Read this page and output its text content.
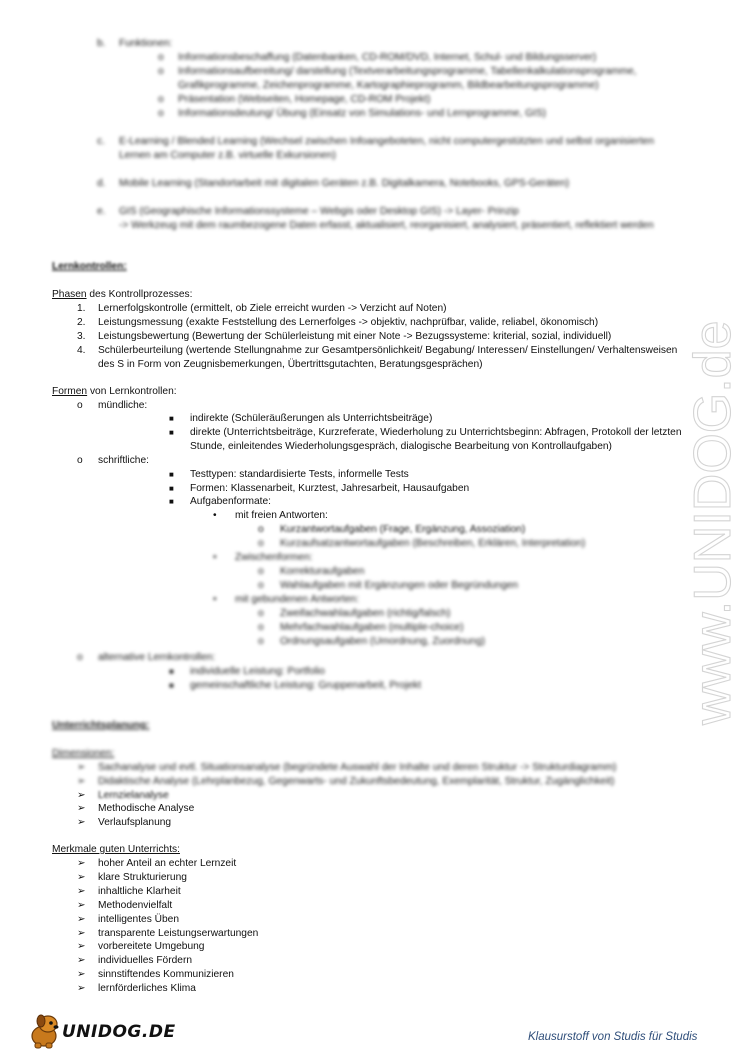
b. Funktionen:
o Informationsbeschaffung (Datenbanken, CD-ROM/DVD, Internet, Schul- und Bildungsserver)
o Informationsaufbereitung/ darstellung (Textverarbeitungsprogramme, Tabellenkalkulationsprogramme,
Grafikprogramme, Zeichenprogramme, Kartographieprogramm, Bildbearbeitungsprogramme)
o Präsentation (Webseiten, Homepage, CD-ROM Projekt)
o Informationsdeutung/ Übung (Einsatz von Simulations- und Lernprogramme, GIS)
c. E-Learning / Blended Learning (Wechsel zwischen Infoangeboteten, nicht computergestützten und selbst organisierten
Lernen am Computer z.B. virtuelle Exkursionen)
d. Mobile Learning (Standortarbeit mit digitalen Geräten z.B. Digitalkamera, Notebooks, GPS-Geräten)
e. GIS (Geographische Informationssysteme – Webgis oder Desktop GIS) -> Layer- Prinzip
-> Werkzeug mit dem raumbezogene Daten erfasst, aktualisiert, reorganisiert, analysiert, präsentiert, reflektiert werden
Lernkontrollen:
Phasen des Kontrollprozesses:
1. Lernerfolgskontrolle (ermittelt, ob Ziele erreicht wurden -> Verzicht auf Noten)
2. Leistungsmessung (exakte Feststellung des Lernerfolges -> objektiv, nachprüfbar, valide, reliabel, ökonomisch)
3. Leistungsbewertung (Bewertung der Schülerleistung mit einer Note -> Bezugssysteme: kriterial, sozial, individuell)
4. Schülerbeurteilung (wertende Stellungnahme zur Gesamtpersönlichkeit/ Begabung/ Interessen/ Einstellungen/ Verhaltensweisen
des S in Form von Zeugnisbemerkungen, Übertrittsgutachten, Beratungsgesprächen)
Formen von Lernkontrollen:
o mündliche:
■ indirekte (Schüleräußerungen als Unterrichtsbeiträge)
■ direkte (Unterrichtsbeiträge, Kurzreferate, Wiederholung zu Unterrichtsbeginn: Abfragen, Protokoll der letzten
Stunde, einleitendes Wiederholungsgespräch, dialogische Bearbeitung von Kontrollaufgaben)
o schriftliche:
■ Testtypen: standardisierte Tests, informelle Tests
■ Formen: Klassenarbeit, Kurztest, Jahresarbeit, Hausaufgaben
■ Aufgabenformate:
• mit freien Antworten:
o Kurzantwortaufgaben (Frage, Ergänzung, Assoziation)
o Kurzaufsatzantwortaufgaben (Beschreiben, Erklären, Interpretation)
• Zwischenformen:
o Korrekturaufgaben
o Wahlaufgaben mit Ergänzungen oder Begründungen
• mit gebundenen Antworten:
o Zweifachwahlaufgaben (richtig/falsch)
o Mehrfachwahlaufgaben (multiple-choice)
o Ordnungsaufgaben (Umordnung, Zuordnung)
o alternative Lernkontrollen:
■ individuelle Leistung: Portfolio
■ gemeinschaftliche Leistung: Gruppenarbeit, Projekt
Unterrichtsplanung:
Dimensionen:
➢ Sachanalyse und evtl. Situationsanalyse (begründete Auswahl der Inhalte und deren Struktur -> Strukturdiagramm)
➢ Didaktische Analyse (Lehrplanbezug, Gegenwarts- und Zukunftsbedeutung, Exemplarität, Struktur, Zugänglichkeit)
➢ Lernzielanalyse
➢ Methodische Analyse
➢ Verlaufsplanung
Merkmale guten Unterrichts:
➢ hoher Anteil an echter Lernzeit
➢ klare Strukturierung
➢ inhaltliche Klarheit
➢ Methodenvielfalt
➢ intelligentes Üben
➢ transparente Leistungserwartungen
➢ vorbereitete Umgebung
➢ individuelles Fördern
➢ sinnstiftendes Kommunizieren
➢ lernförderliches Klima
www.UNIDOG.de
UNIDOG.DE	Klausurstoff von Studis für Studis
